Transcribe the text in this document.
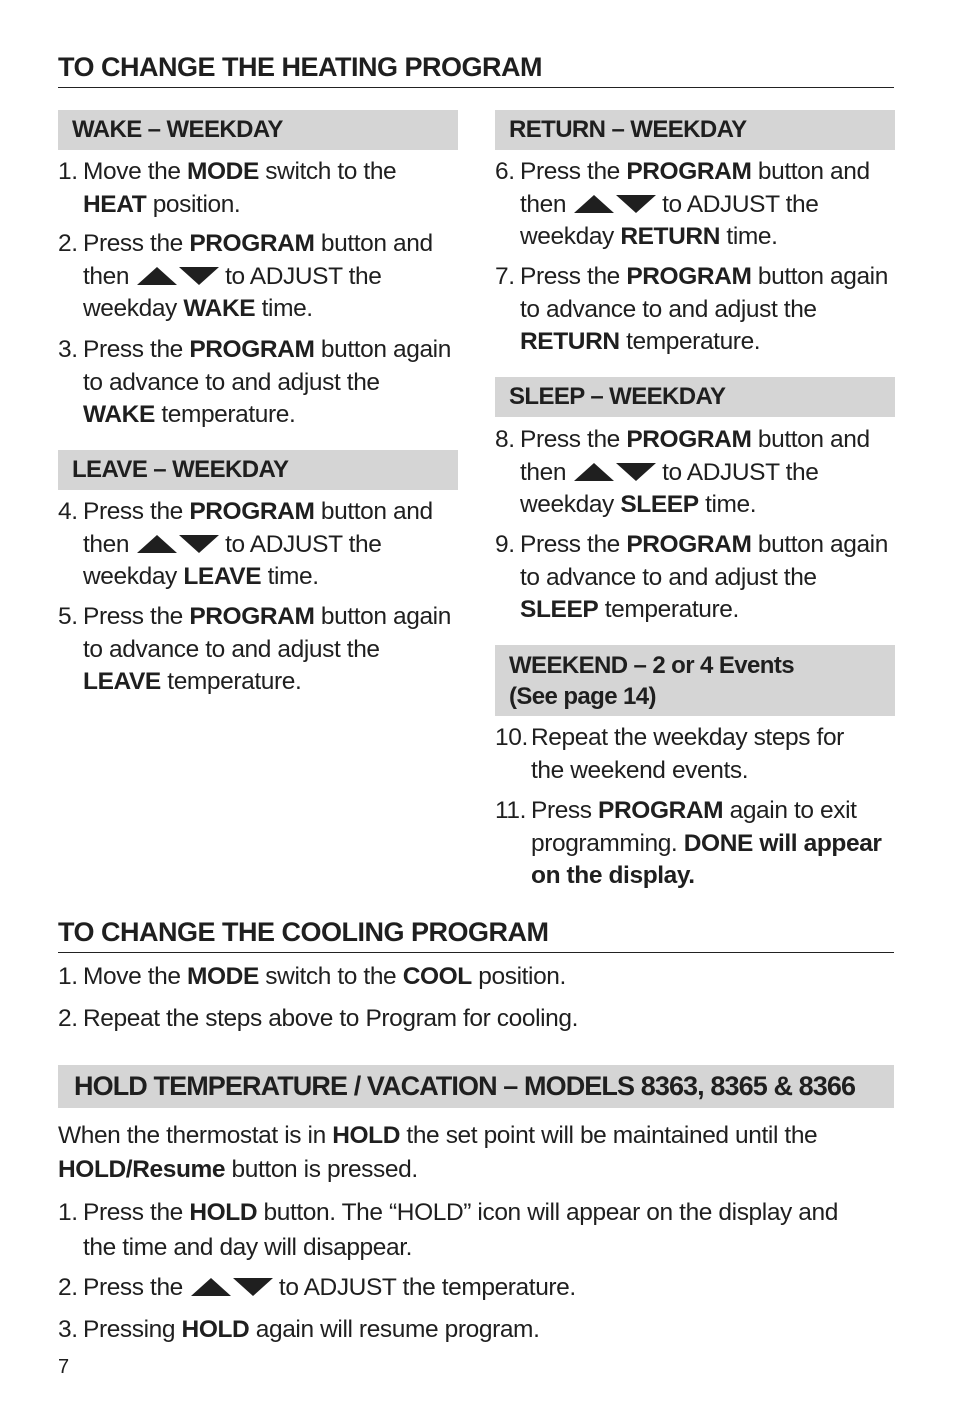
TO CHANGE THE HEATING PROGRAM
WAKE – WEEKDAY
1. Move the MODE switch to the
HEAT position.
2. Press the PROGRAM button and
then	to ADJUST the
weekday WAKE time.
3. Press the PROGRAM button again
to advance to and adjust the
WAKE temperature.
LEAVE – WEEKDAY
4. Press the PROGRAM button and
then	to ADJUST the
weekday LEAVE time.
5. Press the PROGRAM button again
to advance to and adjust the
LEAVE temperature.
RETURN – WEEKDAY
6. Press the PROGRAM button and
then	to ADJUST the
weekday RETURN time.
7. Press the PROGRAM button again
to advance to and adjust the
RETURN temperature.
SLEEP – WEEKDAY
8. Press the PROGRAM button and
then	to ADJUST the
weekday SLEEP time.
9. Press the PROGRAM button again
to advance to and adjust the
SLEEP temperature.
WEEKEND – 2 or 4 Events
(See page 14)
10. Repeat the weekday steps for
the weekend events.
11. Press PROGRAM again to exit
programming. DONE will appear
on the display.
TO CHANGE THE COOLING PROGRAM
1. Move the MODE switch to the COOL position.
2. Repeat the steps above to Program for cooling.
HOLD TEMPERATURE / VACATION – MODELS 8363, 8365 & 8366
When the thermostat is in HOLD the set point will be maintained until the
HOLD/Resume button is pressed.
1. Press the HOLD button. The “HOLD” icon will appear on the display and
the time and day will disappear.
2. Press the	to ADJUST the temperature.
3. Pressing HOLD again will resume program.
7
